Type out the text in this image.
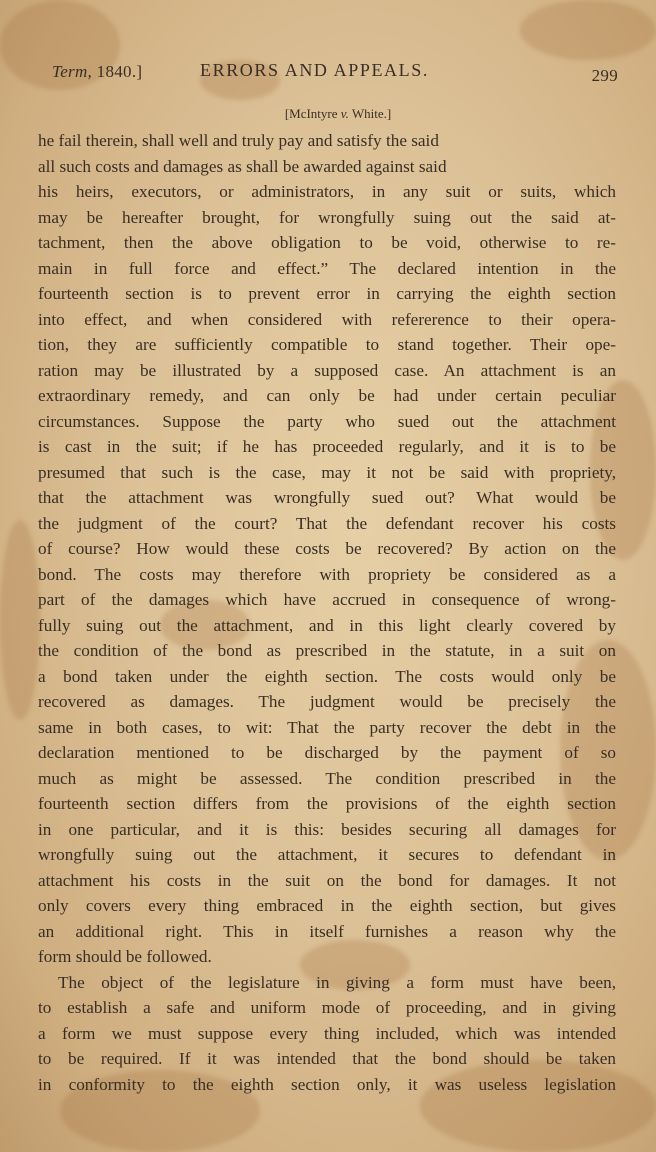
Term, 1840.]	ERRORS AND APPEALS.	299
[McIntyre v. White.]
he fail therein, shall well and truly pay and satisfy the said
all such costs and damages as shall be awarded against said
his heirs, executors, or administrators, in any suit or suits, which
may be hereafter brought, for wrongfully suing out the said at-
tachment, then the above obligation to be void, otherwise to re-
main in full force and effect.” The declared intention in the
fourteenth section is to prevent error in carrying the eighth section
into effect, and when considered with refererence to their opera-
tion, they are sufficiently compatible to stand together. Their ope-
ration may be illustrated by a supposed case. An attachment is an
extraordinary remedy, and can only be had under certain peculiar
circumstances. Suppose the party who sued out the attachment
is cast in the suit; if he has proceeded regularly, and it is to be
presumed that such is the case, may it not be said with propriety,
that the attachment was wrongfully sued out? What would be
the judgment of the court? That the defendant recover his costs
of course? How would these costs be recovered? By action on the
bond. The costs may therefore with propriety be considered as a
part of the damages which have accrued in consequence of wrong-
fully suing out the attachment, and in this light clearly covered by
the condition of the bond as prescribed in the statute, in a suit on
a bond taken under the eighth section. The costs would only be
recovered as damages. The judgment would be precisely the
same in both cases, to wit: That the party recover the debt in the
declaration mentioned to be discharged by the payment of so
much as might be assessed. The condition prescribed in the
fourteenth section differs from the provisions of the eighth section
in one particular, and it is this: besides securing all damages for
wrongfully suing out the attachment, it secures to defendant in
attachment his costs in the suit on the bond for damages. It not
only covers every thing embraced in the eighth section, but gives
an additional right. This in itself furnishes a reason why the
form should be followed.
The object of the legislature in giving a form must have been,
to establish a safe and uniform mode of proceeding, and in giving
a form we must suppose every thing included, which was intended
to be required. If it was intended that the bond should be taken
in conformity to the eighth section only, it was useless legislation
